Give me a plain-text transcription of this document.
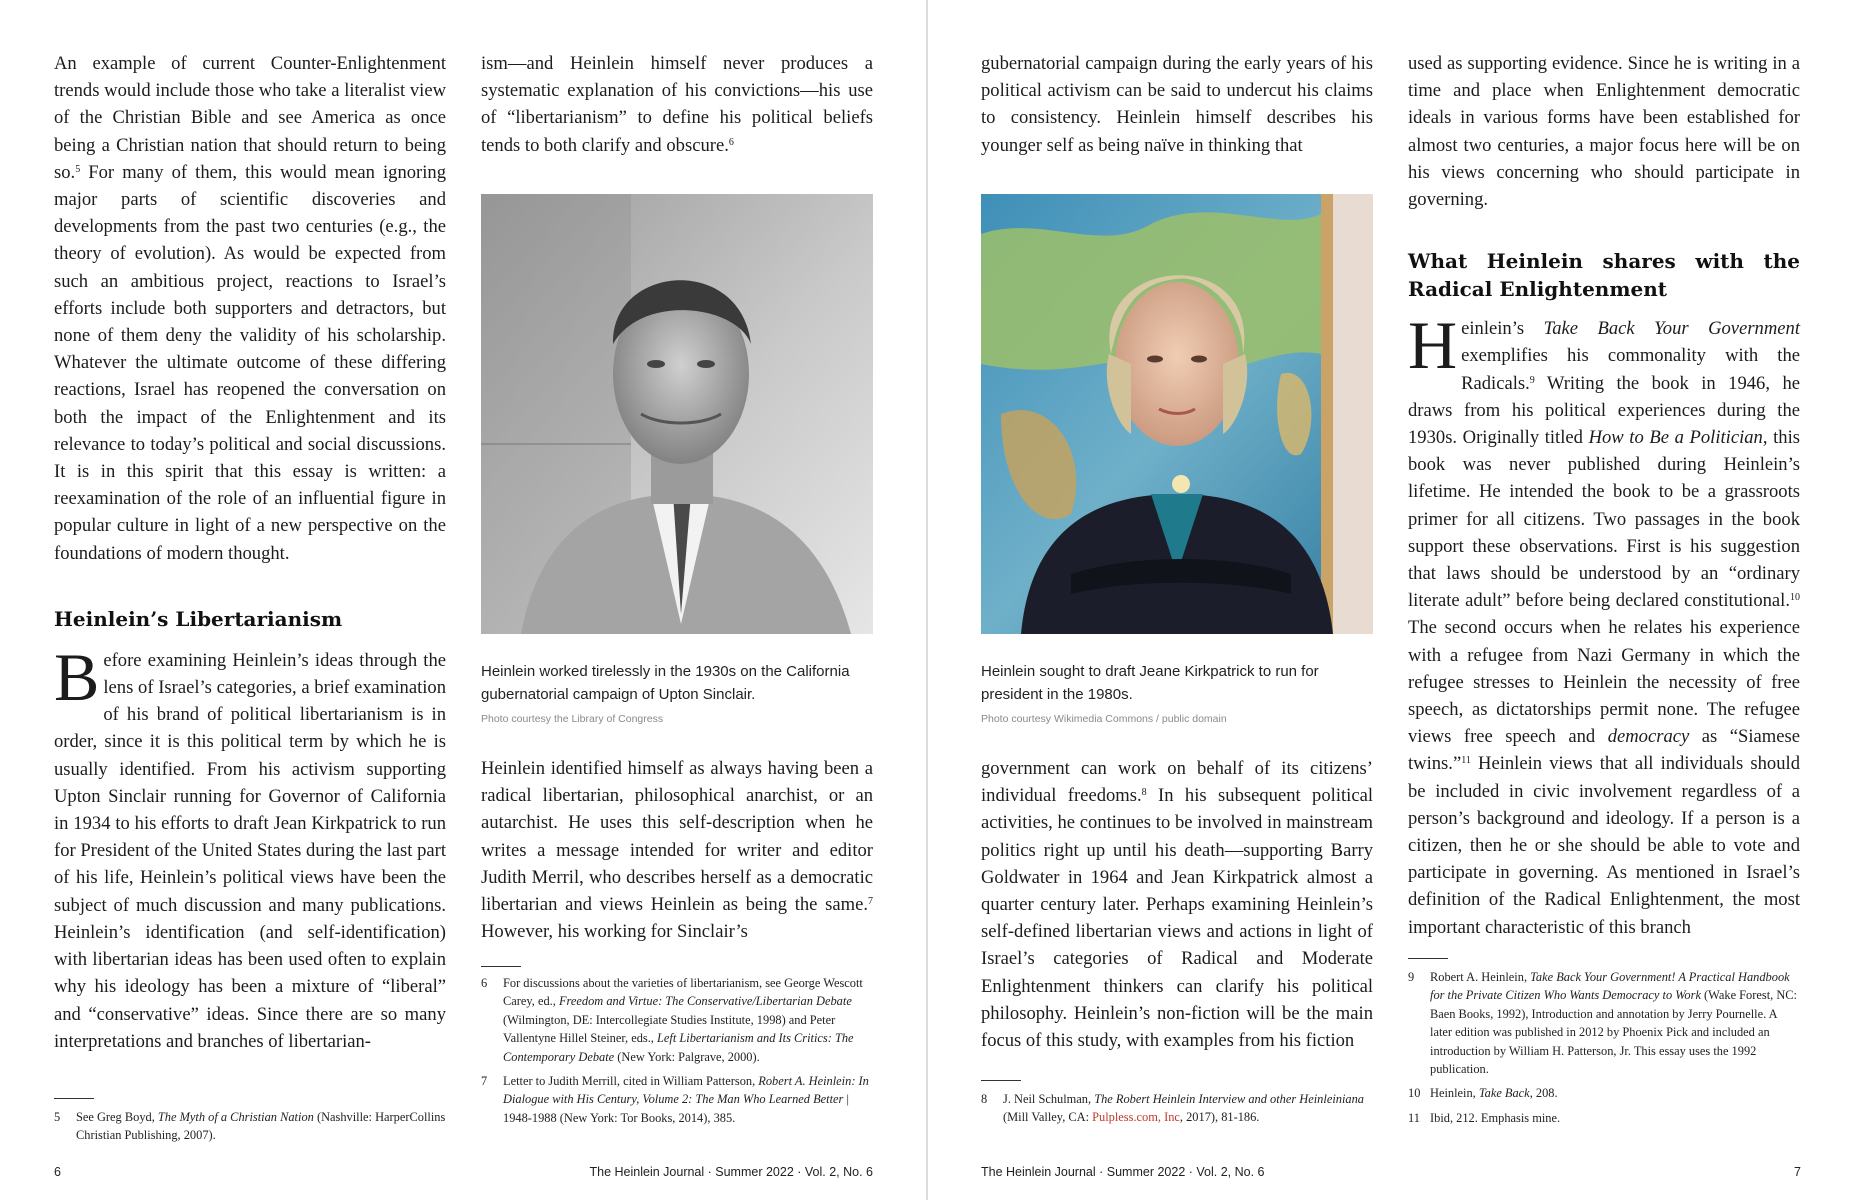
An example of current Counter-Enlightenment trends would include those who take a literalist view of the Christian Bible and see America as once being a Christian nation that should return to being so.$^5$ For many of them, this would mean ignoring major parts of scientific discoveries and developments from the past two centuries (e.g., the theory of evolution). As would be expected from such an ambitious project, reactions to Israel’s efforts include both supporters and detractors, but none of them deny the validity of his scholarship. Whatever the ultimate outcome of these differing reactions, Israel has reopened the conversation on both the impact of the Enlightenment and its relevance to today’s political and social discussions. It is in this spirit that this essay is written: a reexamination of the role of an influential figure in popular culture in light of a new perspective on the foundations of modern thought.

Heinlein’s Libertarianism

Before examining Heinlein’s ideas through the lens of Israel’s categories, a brief examination of his brand of political libertarianism is in order, since it is this political term by which he is usually identified. From his activism supporting Upton Sinclair running for Governor of California in 1934 to his efforts to draft Jean Kirkpatrick to run for President of the United States during the last part of his life, Heinlein’s political views have been the subject of much discussion and many publications. Heinlein’s identification (and self-identification) with libertarian ideas has been used often to explain why his ideology has been a mixture of “liberal” and “conservative” ideas. Since there are so many interpretations and branches of libertarian-

5	See Greg Boyd, The Myth of a Christian Nation (Nashville: HarperCollins Christian Publishing, 2007).

ism—and Heinlein himself never produces a systematic explanation of his convictions—his use of “libertarianism” to define his political beliefs tends to both clarify and obscure.$^6$

Heinlein worked tirelessly in the 1930s on the California gubernatorial campaign of Upton Sinclair.
Photo courtesy the Library of Congress

Heinlein identified himself as always having been a radical libertarian, philosophical anarchist, or an autarchist. He uses this self-description when he writes a message intended for writer and editor Judith Merril, who describes herself as a democratic libertarian and views Heinlein as being the same.$^7$ However, his working for Sinclair’s

6	For discussions about the varieties of libertarianism, see George Wescott Carey, ed., Freedom and Virtue: The Conservative/Libertarian Debate (Wilmington, DE: Intercollegiate Studies Institute, 1998) and Peter Vallentyne Hillel Steiner, eds., Left Libertarianism and Its Critics: The Contemporary Debate (New York: Palgrave, 2000).
7	Letter to Judith Merrill, cited in William Patterson, Robert A. Heinlein: In Dialogue with His Century, Volume 2: The Man Who Learned Better | 1948-1988 (New York: Tor Books, 2014), 385.
6	The Heinlein Journal · Summer 2022 · Vol. 2, No. 6

gubernatorial campaign during the early years of his political activism can be said to undercut his claims to consistency. Heinlein himself describes his younger self as being naïve in thinking that

Heinlein sought to draft Jeane Kirkpatrick to run for president in the 1980s.
Photo courtesy Wikimedia Commons / public domain

government can work on behalf of its citizens’ individual freedoms.$^8$ In his subsequent political activities, he continues to be involved in mainstream politics right up until his death—supporting Barry Goldwater in 1964 and Jean Kirkpatrick almost a quarter century later. Perhaps examining Heinlein’s self-defined libertarian views and actions in light of Israel’s categories of Radical and Moderate Enlightenment thinkers can clarify his political philosophy. Heinlein’s non-fiction will be the main focus of this study, with examples from his fiction

8	J. Neil Schulman, The Robert Heinlein Interview and other Heinleiniana (Mill Valley, CA: Pulpless.com, Inc, 2017), 81-186.

used as supporting evidence. Since he is writing in a time and place when Enlightenment democratic ideals in various forms have been established for almost two centuries, a major focus here will be on his views concerning who should participate in governing.

What Heinlein shares with the Radical Enlightenment

Heinlein’s Take Back Your Government exemplifies his commonality with the Radicals.$^9$ Writing the book in 1946, he draws from his political experiences during the 1930s. Originally titled How to Be a Politician, this book was never published during Heinlein’s lifetime. He intended the book to be a grassroots primer for all citizens. Two passages in the book support these observations. First is his suggestion that laws should be understood by an “ordinary literate adult” before being declared constitutional.$^{10}$ The second occurs when he relates his experience with a refugee from Nazi Germany in which the refugee stresses to Heinlein the necessity of free speech, as dictatorships permit none. The refugee views free speech and democracy as “Siamese twins.”$^{11}$ Heinlein views that all individuals should be included in civic involvement regardless of a person’s background and ideology. If a person is a citizen, then he or she should be able to vote and participate in governing. As mentioned in Israel’s definition of the Radical Enlightenment, the most important characteristic of this branch

9	Robert A. Heinlein, Take Back Your Government! A Practical Handbook for the Private Citizen Who Wants Democracy to Work (Wake Forest, NC: Baen Books, 1992), Introduction and annotation by Jerry Pournelle. A later edition was published in 2012 by Phoenix Pick and included an introduction by William H. Patterson, Jr. This essay uses the 1992 publication.
10 Heinlein, Take Back, 208.
11 Ibid, 212. Emphasis mine.
The Heinlein Journal · Summer 2022 · Vol. 2, No. 6	7
